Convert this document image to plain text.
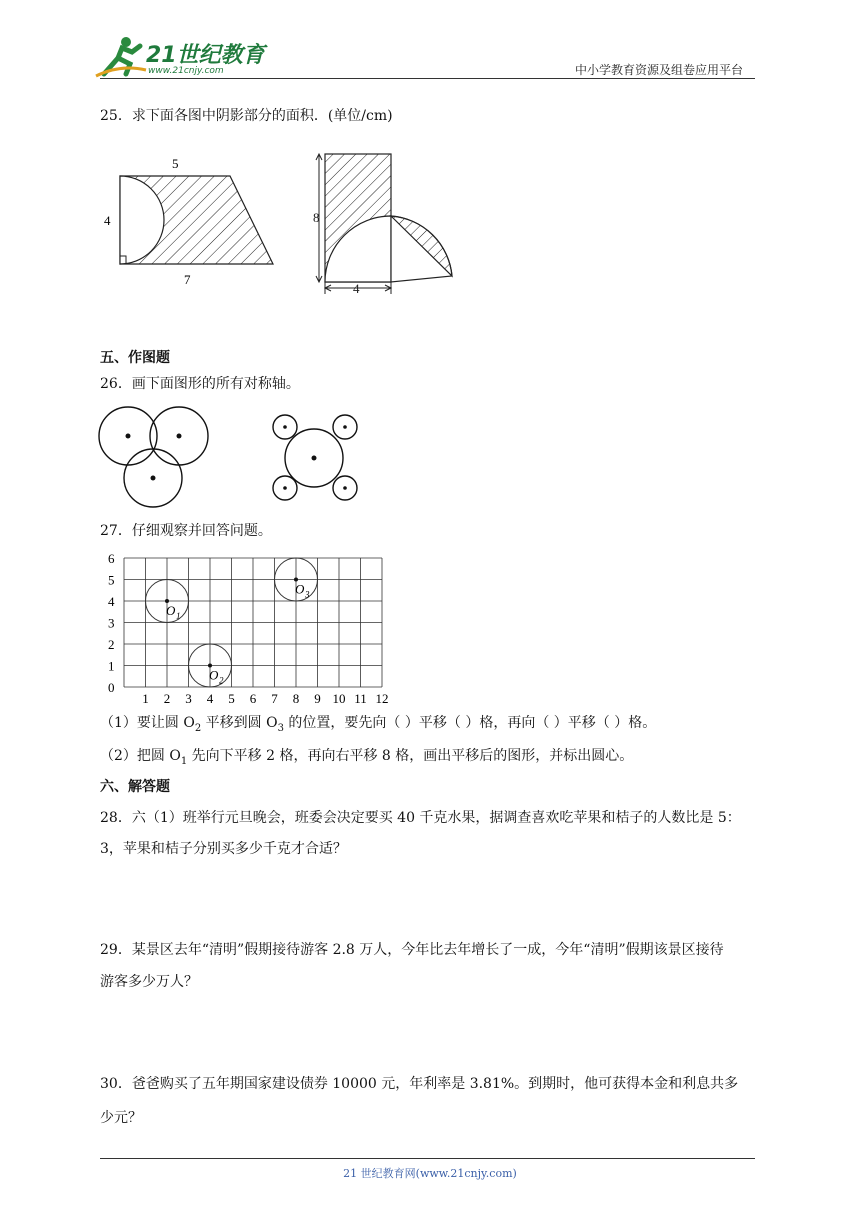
21世纪教育
www.21cnjy.com	中小学教育资源及组卷应用平台
25．求下面各图中阴影部分的面积．(单位/cm)
5
4
7
8
4
五、作图题
26．画下面图形的所有对称轴。
27．仔细观察并回答问题。
6
5
4
3
2
1
0
1 2 3 4 5 6 7 8 9 10 11 12
O 1
O 2
O 3
（1）要让圆 $O_2$ 平移到圆 $O_3$ 的位置，要先向（ ）平移（ ）格，再向（ ）平移（ ）格。
（2）把圆 $O_1$ 先向下平移 2 格，再向右平移 8 格，画出平移后的图形，并标出圆心。
六、解答题
28．六（1）班举行元旦晚会，班委会决定要买 40 千克水果，据调查喜欢吃苹果和桔子的人数比是 5：
3，苹果和桔子分别买多少千克才合适？
29．某景区去年“清明”假期接待游客 2.8 万人，今年比去年增长了一成，今年“清明”假期该景区接待
游客多少万人？
30．爸爸购买了五年期国家建设债券 10000 元，年利率是 3.81%。到期时，他可获得本金和利息共多
少元？
21 世纪教育网(www.21cnjy.com)
